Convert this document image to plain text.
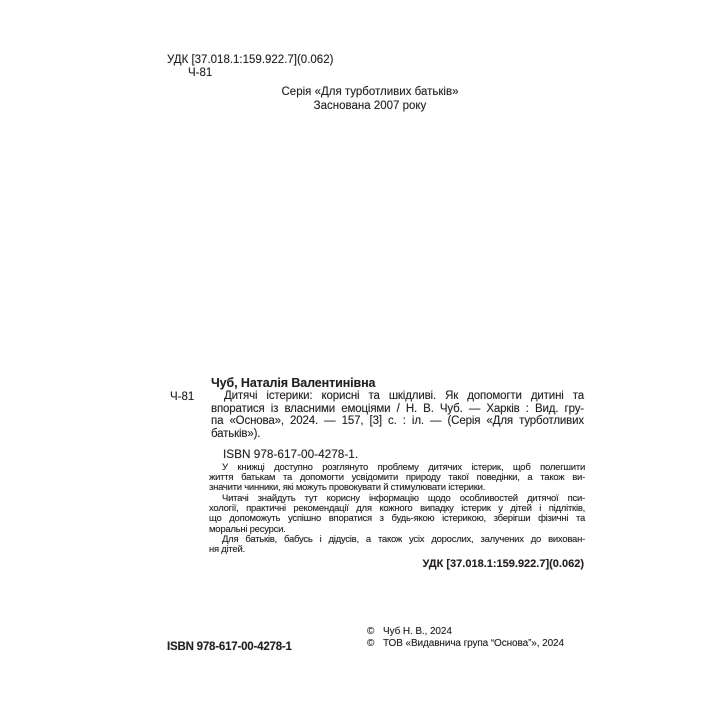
УДК [37.018.1:159.922.7](0.062)
Ч-81
Серія «Для турботливих батьків»
Заснована 2007 року
Ч-81
Чуб, Наталія Валентинівна
Дитячі істерики: корисні та шкідливі. Як допомогти дитині та
впоратися із власними емоціями / Н. В. Чуб. — Харків : Вид. гру-
па «Основа», 2024. — 157, [3] с. : іл. — (Серія «Для турботливих
батьків»).
ISBN 978-617-00-4278-1.
У книжці доступно розглянуто проблему дитячих істерик, щоб полегшити
життя батькам та допомогти усвідомити природу такої поведінки, а також ви-
значити чинники, які можуть провокувати й стимулювати істерики.
Читачі знайдуть тут корисну інформацію щодо особливостей дитячої пси-
хології, практичні рекомендації для кожного випадку істерик у дітей і підлітків,
що допоможуть успішно впоратися з будь-якою істерикою, зберігши фізичні та
моральні ресурси.
Для батьків, бабусь і дідусів, а також усіх дорослих, залучених до вихован-
ня дітей.
УДК [37.018.1:159.922.7](0.062)
ISBN 978-617-00-4278-1
© Чуб Н. В., 2024
© ТОВ «Видавнича група “Основа”», 2024
